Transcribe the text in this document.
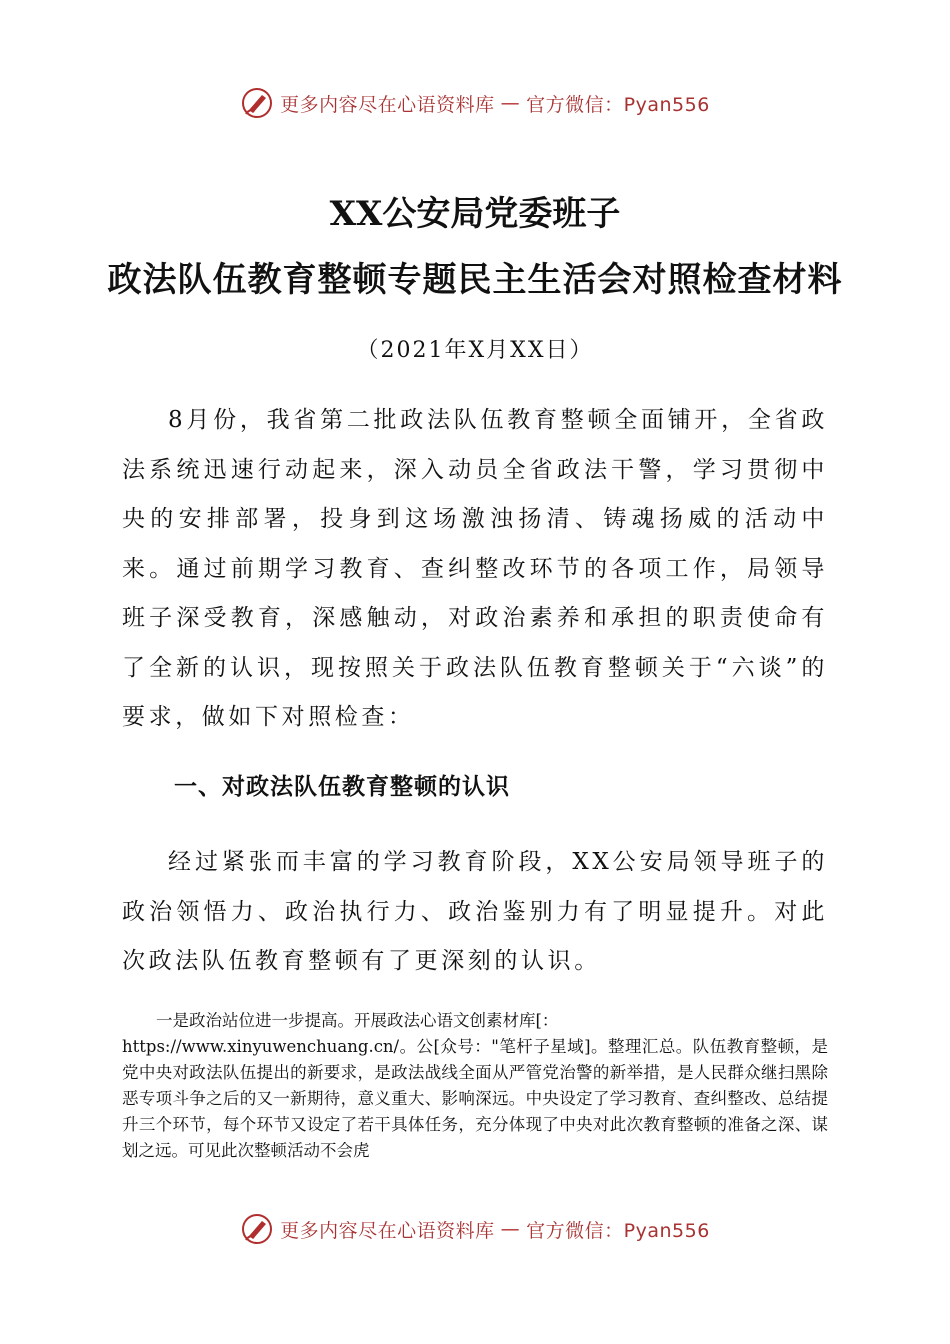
更多内容尽在心语资料库 — 官方微信：Pyan556
XX公安局党委班子
政法队伍教育整顿专题民主生活会对照检查材料
（2021年X月XX日）

8月份，我省第二批政法队伍教育整顿全面铺开，全省政法系统迅速行动起来，深入动员全省政法干警，学习贯彻中央的安排部署，投身到这场激浊扬清、铸魂扬威的活动中来。通过前期学习教育、查纠整改环节的各项工作，局领导班子深受教育，深感触动，对政治素养和承担的职责使命有了全新的认识，现按照关于政法队伍教育整顿关于“六谈”的要求，做如下对照检查：

一、对政法队伍教育整顿的认识

经过紧张而丰富的学习教育阶段，XX公安局领导班子的政治领悟力、政治执行力、政治鉴别力有了明显提升。对此次政法队伍教育整顿有了更深刻的认识。

一是政治站位进一步提高。开展政法心语文创素材库[：
https://www.xinyuwenchuang.cn/。公[众号："笔杆子星域]。整理汇总。队伍教育整顿，是党中央对政法队伍提出的新要求，是政法战线全面从严管党治警的新举措，是人民群众继扫黑除恶专项斗争之后的又一新期待，意义重大、影响深远。中央设定了学习教育、查纠整改、总结提升三个环节，每个环节又设定了若干具体任务，充分体现了中央对此次教育整顿的准备之深、谋划之远。可见此次整顿活动不会虎

更多内容尽在心语资料库 — 官方微信：Pyan556
